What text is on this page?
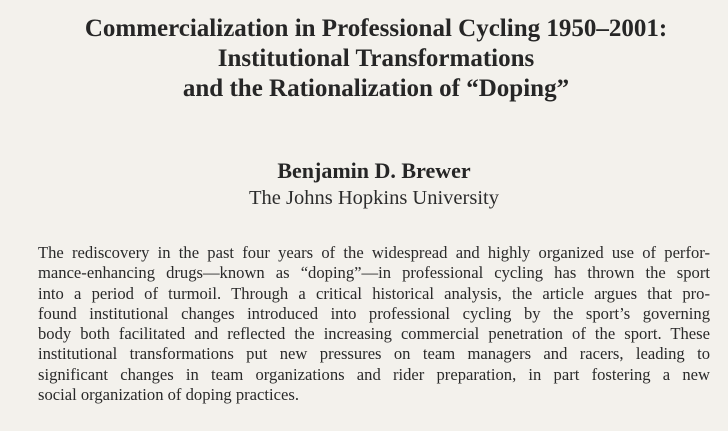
Commercialization in Professional Cycling 1950–2001:
Institutional Transformations
and the Rationalization of “Doping”

Benjamin D. Brewer

The Johns Hopkins University

The rediscovery in the past four years of the widespread and highly organized use of perfor-
mance-enhancing drugs—known as “doping”—in professional cycling has thrown the sport
into a period of turmoil. Through a critical historical analysis, the article argues that pro-
found institutional changes introduced into professional cycling by the sport’s governing
body both facilitated and reflected the increasing commercial penetration of the sport. These
institutional transformations put new pressures on team managers and racers, leading to
significant changes in team organizations and rider preparation, in part fostering a new
social organization of doping practices.
